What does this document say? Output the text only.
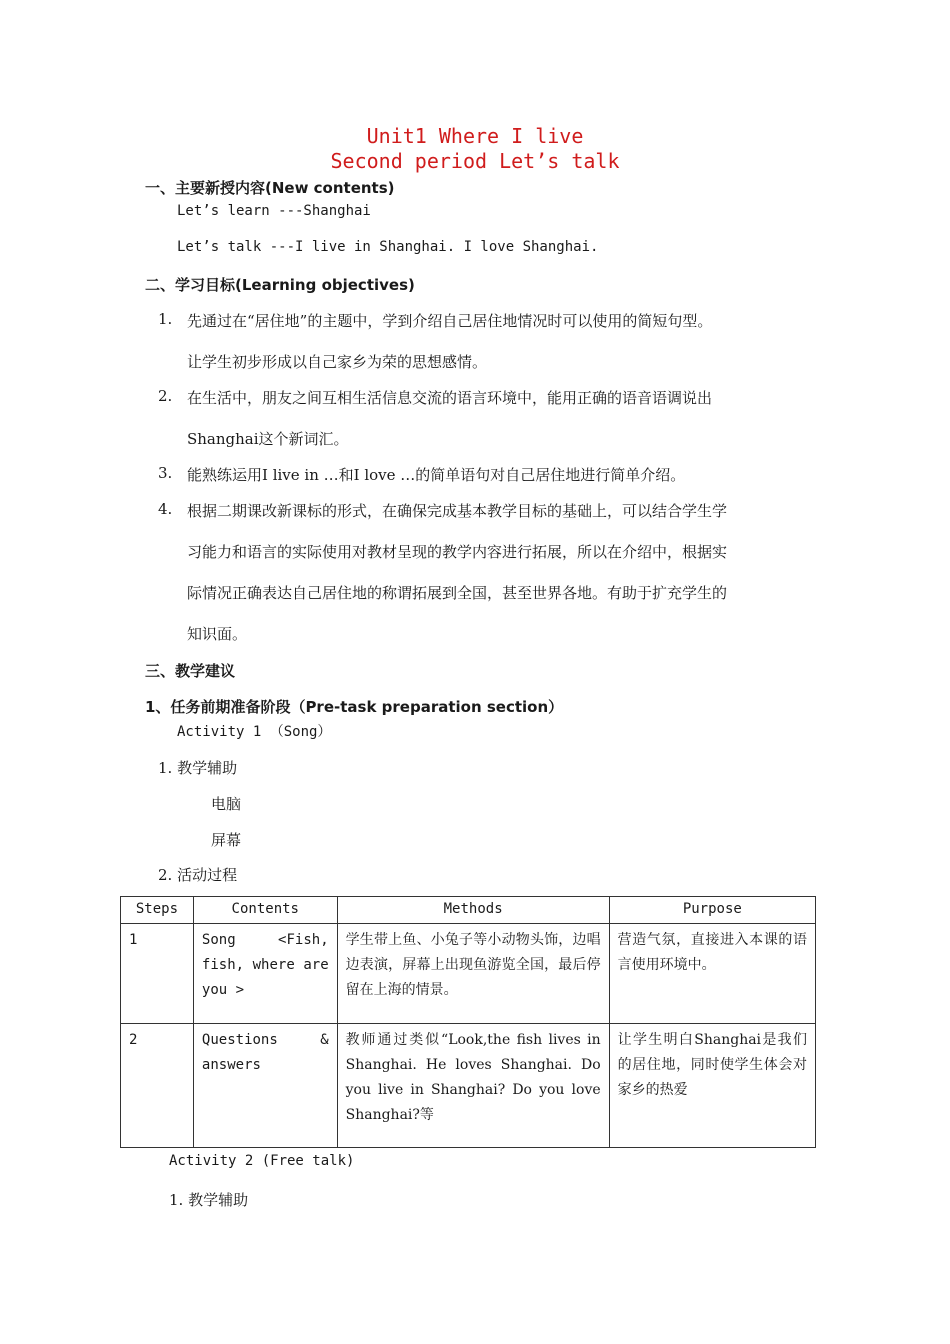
Unit1 Where I live
Second period Let’s talk
一、主要新授内容(New contents)
Let’s learn ---Shanghai
Let’s talk ---I live in Shanghai. I love Shanghai.
二、学习目标(Learning objectives)
1. 先通过在“居住地”的主题中，学到介绍自己居住地情况时可以使用的简短句型。
让学生初步形成以自己家乡为荣的思想感情。
2. 在生活中，朋友之间互相生活信息交流的语言环境中，能用正确的语音语调说出
Shanghai这个新词汇。
3. 能熟练运用I live in …和I love …的简单语句对自己居住地进行简单介绍。
4. 根据二期课改新课标的形式，在确保完成基本教学目标的基础上，可以结合学生学
习能力和语言的实际使用对教材呈现的教学内容进行拓展，所以在介绍中，根据实
际情况正确表达自己居住地的称谓拓展到全国，甚至世界各地。有助于扩充学生的
知识面。
三、教学建议
1、任务前期准备阶段（Pre-task preparation section）
Activity 1 （Song）
1. 教学辅助
电脑
屏幕
2. 活动过程
Steps	Contents	Methods	Purpose
1	Song <Fish, fish, where are you >	学生带上鱼、小兔子等小动物头饰，边唱边表演，屏幕上出现鱼游览全国，最后停留在上海的情景。	营造气氛，直接进入本课的语言使用环境中。
2	Questions & answers	教师通过类似“Look,the fish lives in Shanghai. He loves Shanghai. Do you live in Shanghai? Do you love Shanghai?等	让学生明白Shanghai是我们的居住地，同时使学生体会对家乡的热爱
Activity 2 (Free talk)
1. 教学辅助
